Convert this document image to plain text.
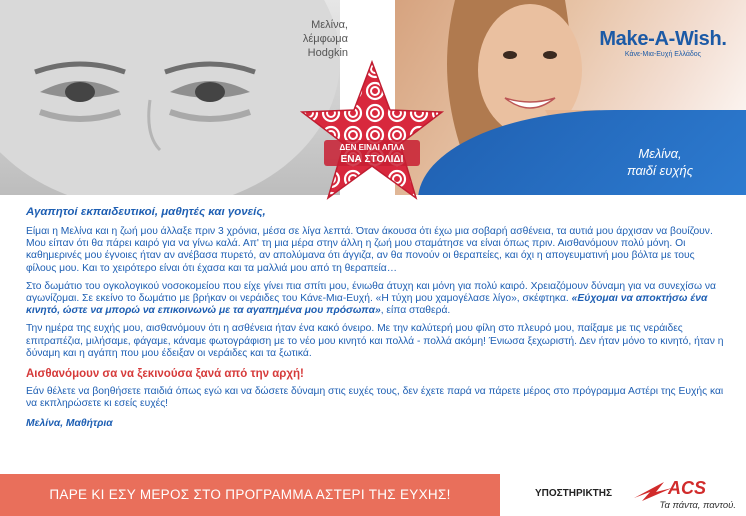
Μελίνα,
λέμφωμα
Hodgkin
Make-A-Wish.
Κάνε-Μια-Ευχή Ελλάδος
Μελίνα,
παιδί ευχής
ΔΕΝ ΕΙΝΑΙ ΑΠΛΑ
ΕΝΑ ΣΤΟΛΙΔΙ

Αγαπητοί εκπαιδευτικοί, μαθητές και γονείς,

Είμαι η Μελίνα και η ζωή μου άλλαξε πριν 3 χρόνια, μέσα σε λίγα λεπτά. Όταν άκουσα ότι έχω μια σοβαρή ασθένεια, τα αυτιά μου άρχισαν να βουίζουν. Μου είπαν ότι θα πάρει καιρό για να γίνω καλά. Απ' τη μια μέρα στην άλλη η ζωή μου σταμάτησε να είναι όπως πριν. Αισθανόμουν πολύ μόνη. Οι καθημερινές μου έγνοιες ήταν αν ανέβασα πυρετό, αν απολύμανα ότι άγγιζα, αν θα πονούν οι θεραπείες, και όχι η απογευματινή μου βόλτα με τους φίλους μου. Και το χειρότερο είναι ότι έχασα και τα μαλλιά μου από τη θεραπεία…

Στο δωμάτιο του ογκολογικού νοσοκομείου που είχε γίνει πια σπίτι μου, ένιωθα άτυχη και μόνη για πολύ καιρό. Χρειαζόμουν δύναμη για να συνεχίσω να αγωνίζομαι. Σε εκείνο το δωμάτιο με βρήκαν οι νεράιδες του Κάνε-Μια-Ευχή. «Η τύχη μου χαμογέλασε λίγο», σκέφτηκα. «Εύχομαι να αποκτήσω ένα κινητό, ώστε να μπορώ να επικοινωνώ με τα αγαπημένα μου πρόσωπα», είπα σταθερά.

Την ημέρα της ευχής μου, αισθανόμουν ότι η ασθένεια ήταν ένα κακό όνειρο. Με την καλύτερή μου φίλη στο πλευρό μου, παίξαμε με τις νεράιδες επιτραπέζια, μιλήσαμε, φάγαμε, κάναμε φωτογράφιση με το νέο μου κινητό και πολλά - πολλά ακόμη! Ένιωσα ξεχωριστή. Δεν ήταν μόνο το κινητό, ήταν η δύναμη και η αγάπη που μου έδειξαν οι νεράιδες και τα ξωτικά.

Αισθανόμουν σα να ξεκινούσα ξανά από την αρχή!

Εάν θέλετε να βοηθήσετε παιδιά όπως εγώ και να δώσετε δύναμη στις ευχές τους, δεν έχετε παρά να πάρετε μέρος στο πρόγραμμα Αστέρι της Ευχής και να εκπληρώσετε κι εσείς ευχές!

Μελίνα, Μαθήτρια

ΠΑΡΕ ΚΙ ΕΣΥ ΜΕΡΟΣ ΣΤΟ ΠΡΟΓΡΑΜΜΑ ΑΣΤΕΡΙ ΤΗΣ ΕΥΧΗΣ!	ΥΠΟΣΤΗΡΙΚΤΗΣ	ACS
Τα πάντα, παντού.
